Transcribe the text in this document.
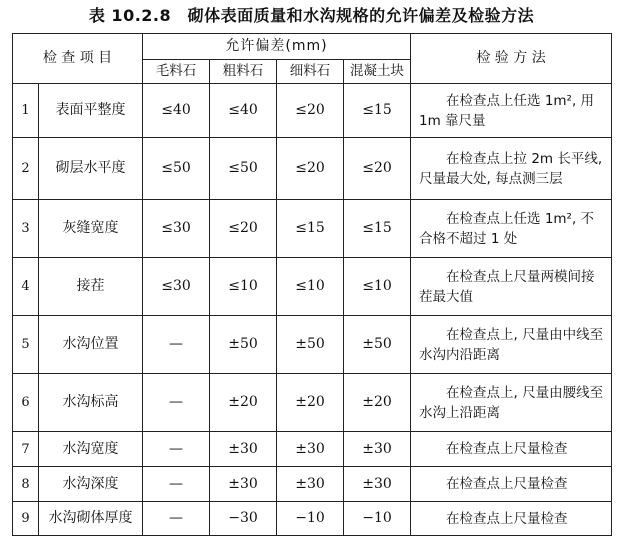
表 10.2.8　砌体表面质量和水沟规格的允许偏差及检验方法
检 查 项 目		允许偏差(mm)				检 验 方 法
		毛料石	粗料石	细料石	混凝土块	
1	表面平整度	≤40	≤40	≤20	≤15	在检查点上任选 1m², 用 1m 靠尺量

2	砌层水平度	≤50	≤50	≤20	≤20	在检查点上拉 2m 长平线, 尺量最大处, 每点测三层

3	灰缝宽度	≤30	≤20	≤15	≤15	在检查点上任选 1m², 不合格不超过 1 处

4	接茬	≤30	≤10	≤10	≤10	在检查点上尺量两模间接茬最大值

5	水沟位置	—	±50	±50	±50	在检查点上, 尺量由中线至水沟内沿距离

6	水沟标高	—	±20	±20	±20	在检查点上, 尺量由腰线至水沟上沿距离

7	水沟宽度	—	±30	±30	±30	在检查点上尺量检查

8	水沟深度	—	±30	±30	±30	在检查点上尺量检查

9	水沟砌体厚度	—	−30	−10	−10	在检查点上尺量检查
